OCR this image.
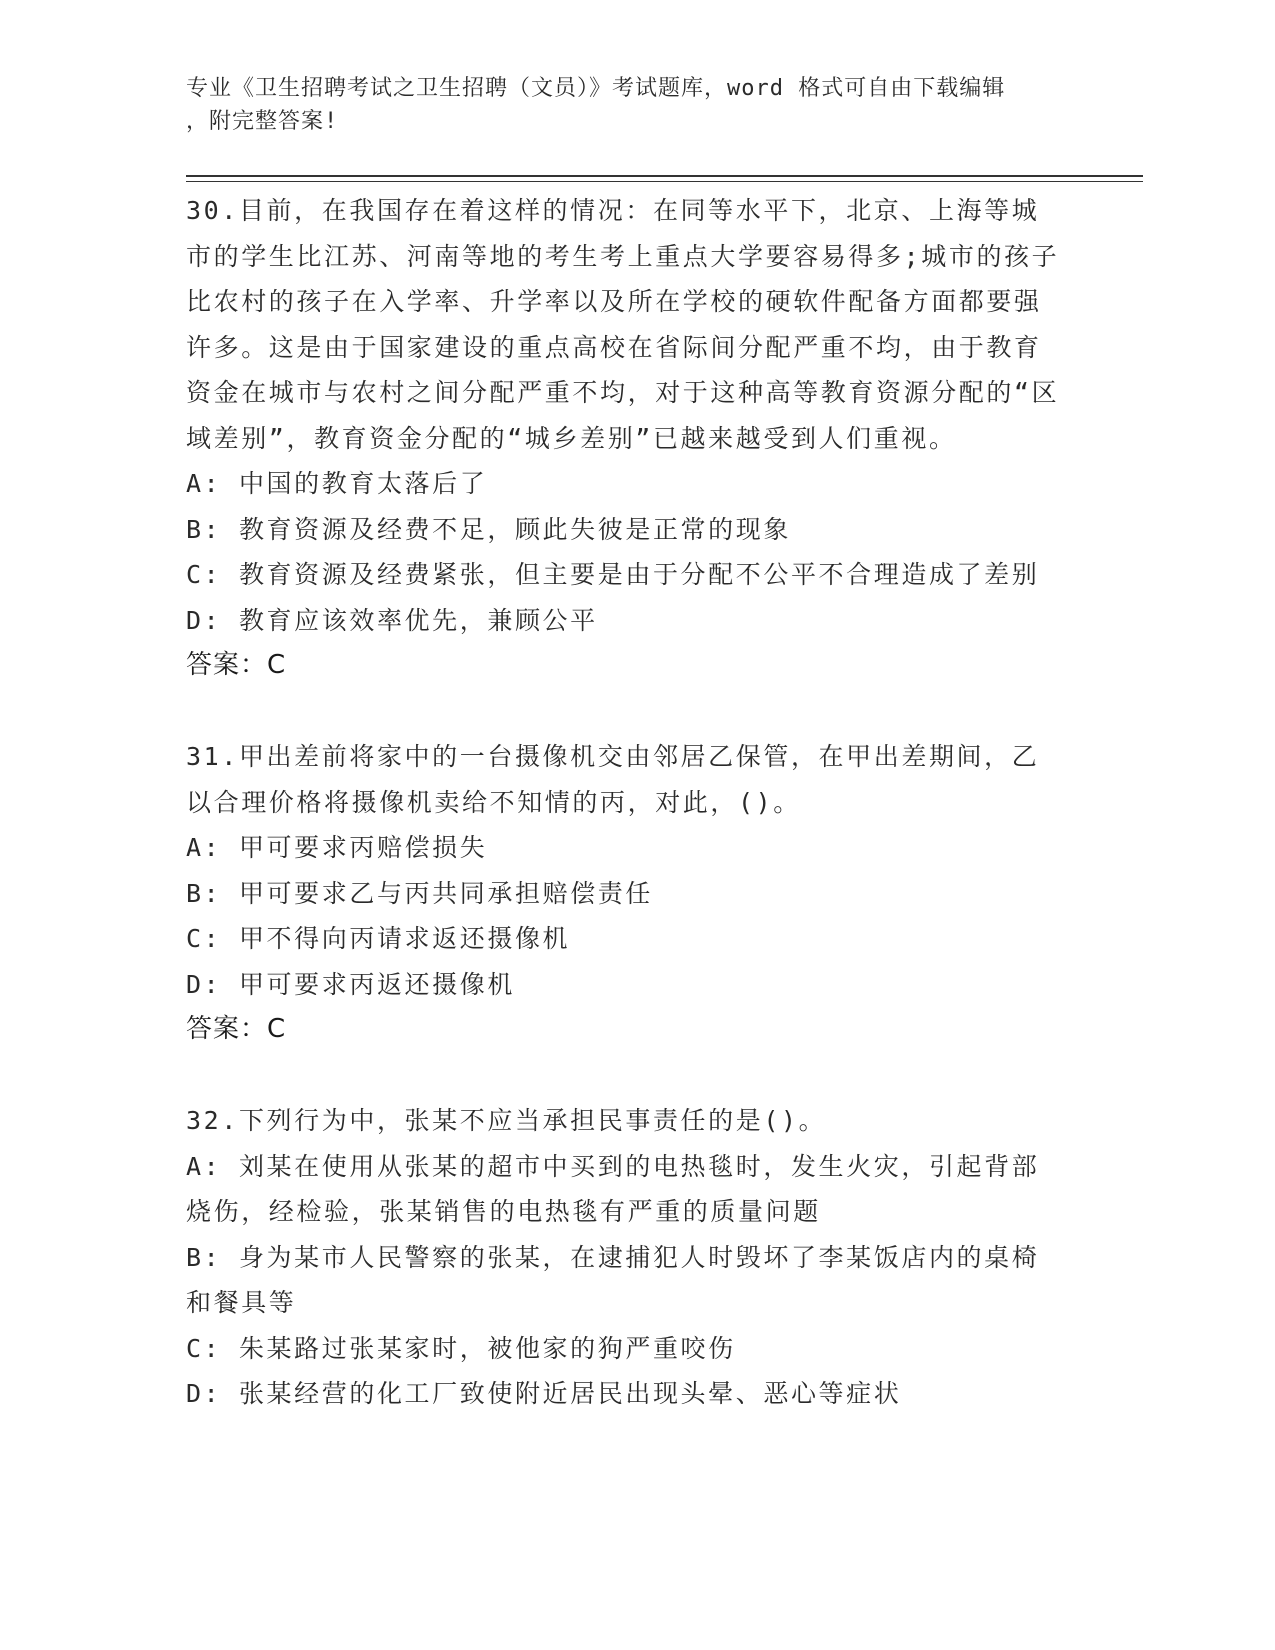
专业《卫生招聘考试之卫生招聘（文员）》考试题库，word 格式可自由下载编辑
，附完整答案!
30.目前，在我国存在着这样的情况：在同等水平下，北京、上海等城市的学生比江苏、河南等地的考生考上重点大学要容易得多;城市的孩子比农村的孩子在入学率、升学率以及所在学校的硬软件配备方面都要强许多。这是由于国家建设的重点高校在省际间分配严重不均，由于教育资金在城市与农村之间分配严重不均，对于这种高等教育资源分配的“区域差别”，教育资金分配的“城乡差别”已越来越受到人们重视。
A: 中国的教育太落后了
B: 教育资源及经费不足，顾此失彼是正常的现象
C: 教育资源及经费紧张，但主要是由于分配不公平不合理造成了差别
D: 教育应该效率优先，兼顾公平
答案：C
31.甲出差前将家中的一台摄像机交由邻居乙保管，在甲出差期间，乙以合理价格将摄像机卖给不知情的丙，对此，()。
A: 甲可要求丙赔偿损失
B: 甲可要求乙与丙共同承担赔偿责任
C: 甲不得向丙请求返还摄像机
D: 甲可要求丙返还摄像机
答案：C
32.下列行为中，张某不应当承担民事责任的是()。
A: 刘某在使用从张某的超市中买到的电热毯时，发生火灾，引起背部烧伤，经检验，张某销售的电热毯有严重的质量问题
B: 身为某市人民警察的张某，在逮捕犯人时毁坏了李某饭店内的桌椅和餐具等
C: 朱某路过张某家时，被他家的狗严重咬伤
D: 张某经营的化工厂致使附近居民出现头晕、恶心等症状
